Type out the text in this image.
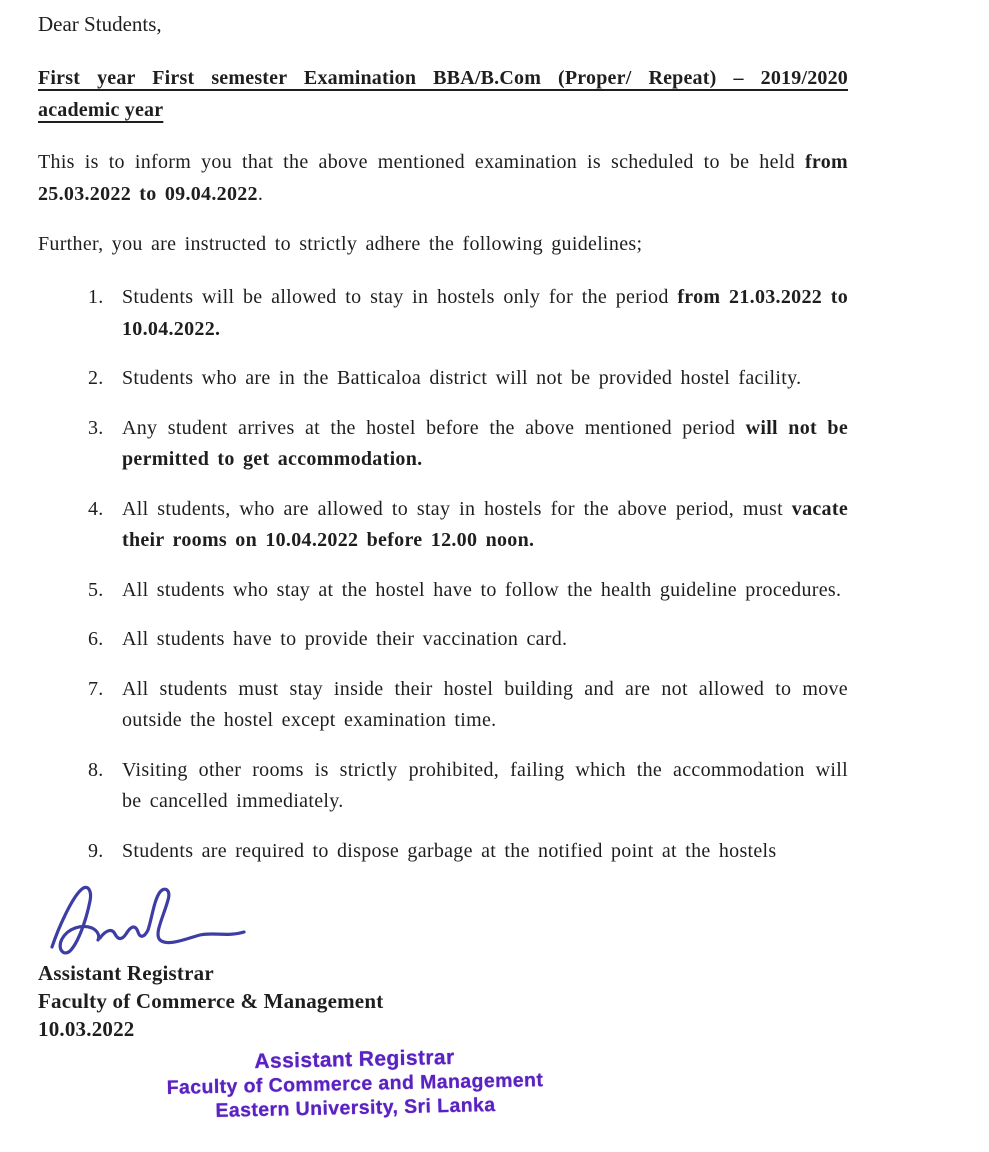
Dear Students,

First year First semester Examination BBA/B.Com (Proper/ Repeat) – 2019/2020
academic year

This is to inform you that the above mentioned examination is scheduled to be held from 25.03.2022 to 09.04.2022.

Further, you are instructed to strictly adhere the following guidelines;

1. Students will be allowed to stay in hostels only for the period from 21.03.2022 to 10.04.2022.
2. Students who are in the Batticaloa district will not be provided hostel facility.
3. Any student arrives at the hostel before the above mentioned period will not be permitted to get accommodation.
4. All students, who are allowed to stay in hostels for the above period, must vacate their rooms on 10.04.2022 before 12.00 noon.
5. All students who stay at the hostel have to follow the health guideline procedures.
6. All students have to provide their vaccination card.
7. All students must stay inside their hostel building and are not allowed to move outside the hostel except examination time.
8. Visiting other rooms is strictly prohibited, failing which the accommodation will be cancelled immediately.
9. Students are required to dispose garbage at the notified point at the hostels

Assistant Registrar

Faculty of Commerce & Management

10.03.2022

Assistant Registrar
Faculty of Commerce and Management
Eastern University, Sri Lanka
